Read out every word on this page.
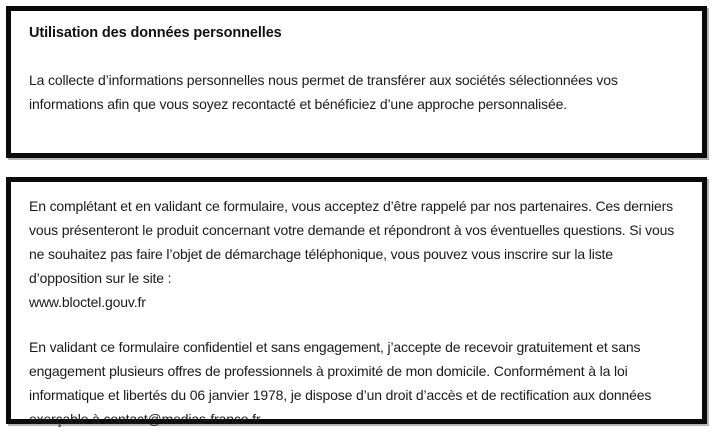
Utilisation des données personnelles

La collecte d’informations personnelles nous permet de transférer aux sociétés sélectionnées vos informations afin que vous soyez recontacté et bénéficiez d’une approche personnalisée.

En complétant et en validant ce formulaire, vous acceptez d’être rappelé par nos partenaires. Ces derniers vous présenteront le produit concernant votre demande et répondront à vos éventuelles questions. Si vous ne souhaitez pas faire l’objet de démarchage téléphonique, vous pouvez vous inscrire sur la liste d’opposition sur le site :
www.bloctel.gouv.fr

En validant ce formulaire confidentiel et sans engagement, j’accepte de recevoir gratuitement et sans engagement plusieurs offres de professionnels à proximité de mon domicile. Conformément à la loi informatique et libertés du 06 janvier 1978, je dispose d’un droit d’accès et de rectification aux données exerçable à contact@medias-france.fr
